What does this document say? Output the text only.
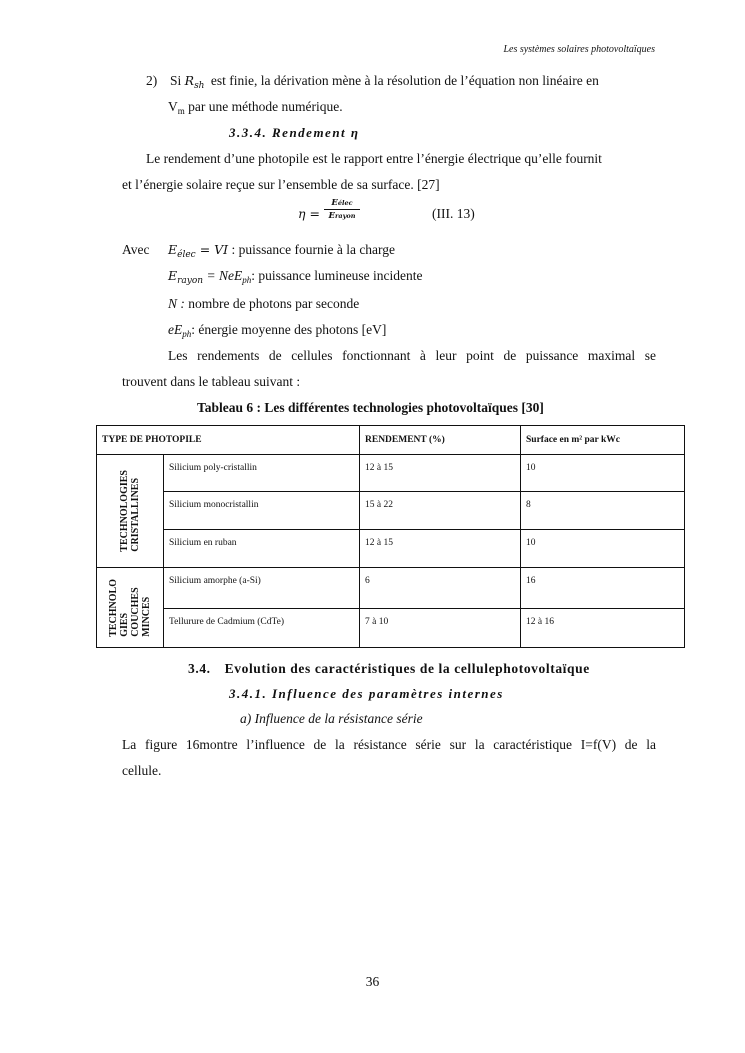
Les systèmes solaires photovoltaïques
2) Si $R_{sh}$ est finie, la dérivation mène à la résolution de l’équation non linéaire en
$V_m$ par une méthode numérique.
3.3.4. Rendement η
Le rendement d’une photopile est le rapport entre l’énergie électrique qu’elle fournit
et l’énergie solaire reçue sur l’ensemble de sa surface. [27]
η =
Eélec
Erayon	(III. 13)
Avec $E_{élec}$ = VI : puissance fournie à la charge
$E_{rayon} = NeE_{ph}$: puissance lumineuse incidente
N : nombre de photons par seconde
$eE_{ph}$: énergie moyenne des photons [eV]
Les rendements de cellules fonctionnant à leur point de puissance maximal se
trouvent dans le tableau suivant :
Tableau 6 : Les différentes technologies photovoltaïques [30]
TYPE DE PHOTOPILE		RENDEMENT (%)	Surface en m² par kWc

TECHNOLOGIES
CRISTALLINES	Silicium poly-cristallin	12 à 15	10
	Silicium monocristallin	15 à 22	8
	Silicium en ruban	12 à 15	10

TECHNOLO
GIES
COUCHES
MINCES	Silicium amorphe (a-Si)	6	16
	Tellurure de Cadmium (CdTe)	7 à 10	12 à 16
3.4. Evolution des caractéristiques de la cellulephotovoltaïque
3.4.1. Influence des paramètres internes
a) Influence de la résistance série
La figure 16montre l’influence de la résistance série sur la caractéristique I=f(V) de la
cellule.
36
